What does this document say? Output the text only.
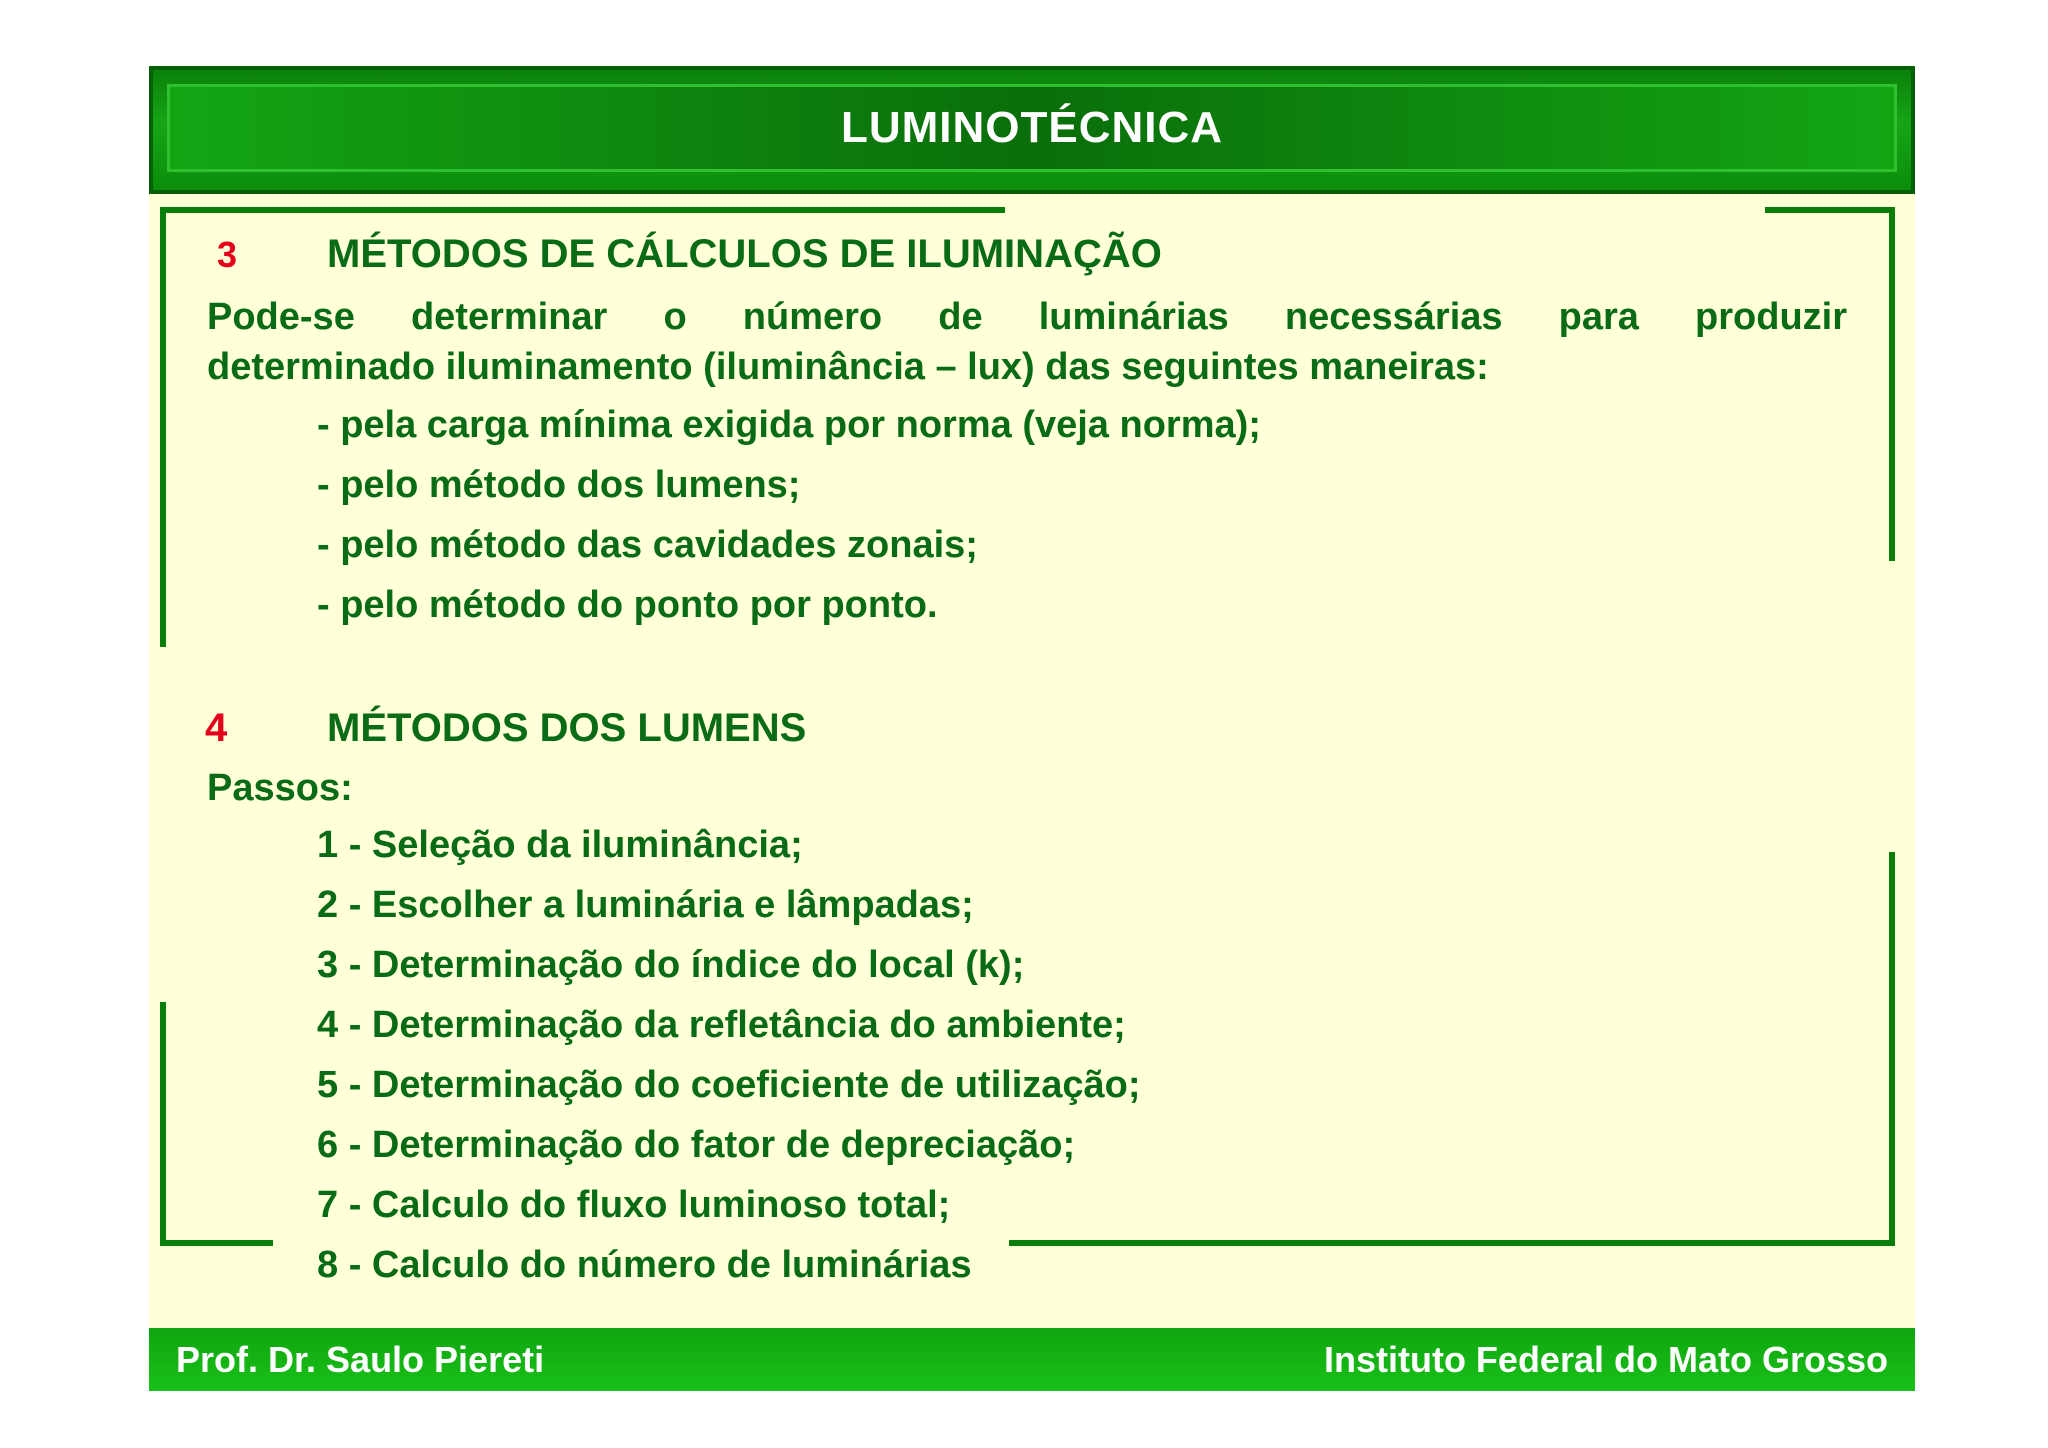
LUMINOTÉCNICA
3 MÉTODOS DE CÁLCULOS DE ILUMINAÇÃO
Pode-se determinar o número de luminárias necessárias para produzir
determinado iluminamento (iluminância – lux) das seguintes maneiras:
- pela carga mínima exigida por norma (veja norma);
- pelo método dos lumens;
- pelo método das cavidades zonais;
- pelo método do ponto por ponto.
4 MÉTODOS DOS LUMENS
Passos:
1 - Seleção da iluminância;
2 - Escolher a luminária e lâmpadas;
3 - Determinação do índice do local (k);
4 - Determinação da refletância do ambiente;
5 - Determinação do coeficiente de utilização;
6 - Determinação do fator de depreciação;
7 - Calculo do fluxo luminoso total;
8 - Calculo do número de luminárias
Prof. Dr. Saulo Piereti	Instituto Federal do Mato Grosso
